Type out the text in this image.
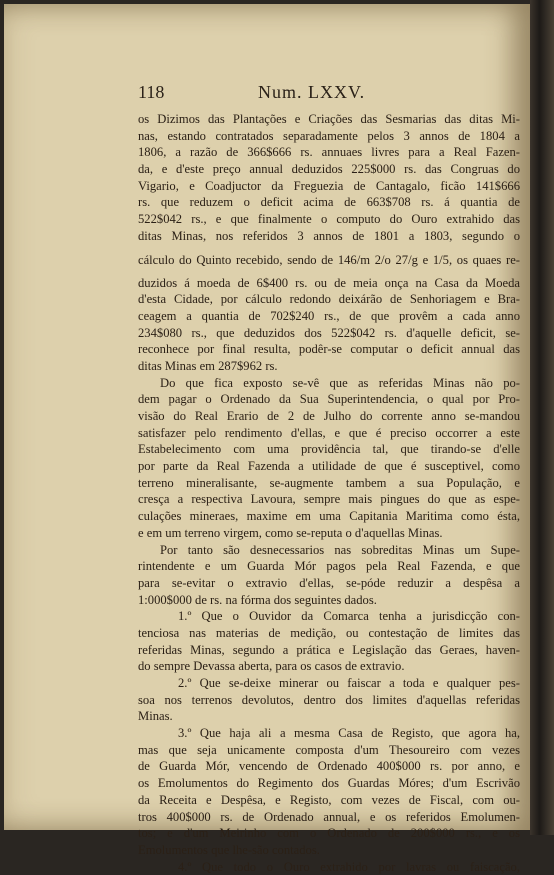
118	Num. LXXV.
os Dizimos das Plantações e Criações das Sesmarias das ditas Mi-
nas, estando contratados separadamente pelos 3 annos de 1804 a
1806, a razão de 366$666 rs. annuaes livres para a Real Fazen-
da, e d'este preço annual deduzidos 225$000 rs. das Congruas do
Vigario, e Coadjuctor da Freguezia de Cantagalo, ficão 141$666
rs. que reduzem o deficit acima de 663$708 rs. á quantia de
522$042 rs., e que finalmente o computo do Ouro extrahido das
ditas Minas, nos referidos 3 annos de 1801 a 1803, segundo o
cálculo do Quinto recebido, sendo de 146/m 2/o 27/g e 1/5, os quaes re-
duzidos á moeda de 6$400 rs. ou de meia onça na Casa da Moeda
d'esta Cidade, por cálculo redondo deixárão de Senhoriagem e Bra-
ceagem a quantia de 702$240 rs., de que provêm a cada anno
234$080 rs., que deduzidos dos 522$042 rs. d'aquelle deficit, se-
reconhece por final resulta, podêr-se computar o deficit annual das
ditas Minas em 287$962 rs.
Do que fica exposto se-vê que as referidas Minas não po-
dem pagar o Ordenado da Sua Superintendencia, o qual por Pro-
visão do Real Erario de 2 de Julho do corrente anno se-mandou
satisfazer pelo rendimento d'ellas, e que é preciso occorrer a este
Estabelecimento com uma providência tal, que tirando-se d'elle
por parte da Real Fazenda a utilidade de que é susceptivel, como
terreno mineralisante, se-augmente tambem a sua População, e
cresça a respectiva Lavoura, sempre mais pingues do que as espe-
culações mineraes, maxime em uma Capitania Maritima como ésta,
e em um terreno virgem, como se-reputa o d'aquellas Minas.
Por tanto são desnecessarios nas sobreditas Minas um Supe-
rintendente e um Guarda Mór pagos pela Real Fazenda, e que
para se-evitar o extravio d'ellas, se-póde reduzir a despêsa a
1:000$000 de rs. na fórma dos seguintes dados.
1.º Que o Ouvidor da Comarca tenha a jurisdicção con-
tenciosa nas materias de medição, ou contestação de limites das
referidas Minas, segundo a prática e Legislação das Geraes, haven-
do sempre Devassa aberta, para os casos de extravio.
2.º Que se-deixe minerar ou faiscar a toda e qualquer pes-
soa nos terrenos devolutos, dentro dos limites d'aquellas referidas
Minas.
3.º Que haja ali a mesma Casa de Registo, que agora ha,
mas que seja unicamente composta d'um Thesoureiro com vezes
de Guarda Mór, vencendo de Ordenado 400$000 rs. por anno, e
os Emolumentos do Regimento dos Guardas Móres; d'um Escrivão
da Receita e Despêsa, e Registo, com vezes de Fiscal, com ou-
tros 400$000 rs. de Ordenado annual, e os referidos Emolumen-
tos; e d'um Meirinho com o Ordenado de 200$000 rs., e os
Emolumentos que lhe-são contados.
4.º Que todo o Ouro extrahido por lavras ou faiscação,
